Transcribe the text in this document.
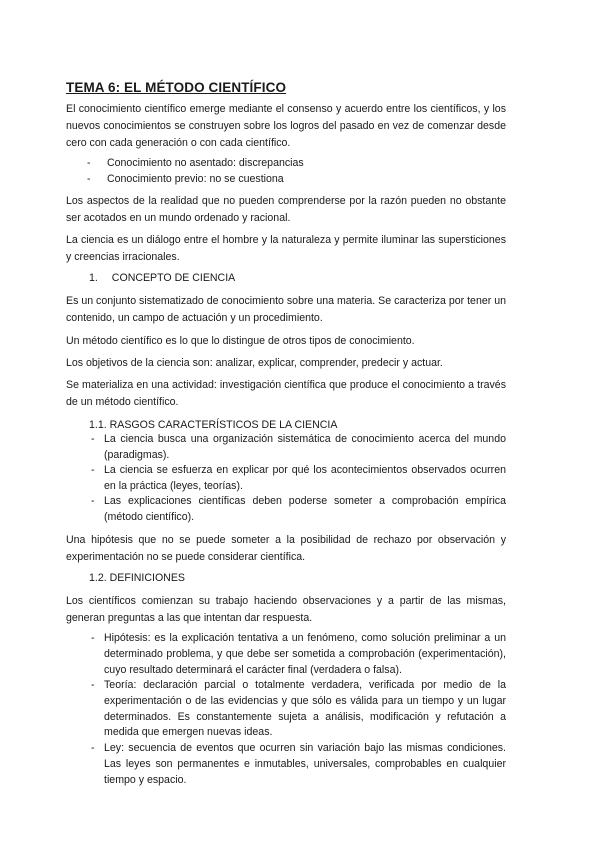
TEMA 6: EL MÉTODO CIENTÍFICO
El conocimiento científico emerge mediante el consenso y acuerdo entre los científicos, y los nuevos conocimientos se construyen sobre los logros del pasado en vez de comenzar desde cero con cada generación o con cada científico.
- Conocimiento no asentado: discrepancias
- Conocimiento previo: no se cuestiona
Los aspectos de la realidad que no pueden comprenderse por la razón pueden no obstante ser acotados en un mundo ordenado y racional.
La ciencia es un diálogo entre el hombre y la naturaleza y permite iluminar las supersticiones y creencias irracionales.
1. CONCEPTO DE CIENCIA
Es un conjunto sistematizado de conocimiento sobre una materia. Se caracteriza por tener un contenido, un campo de actuación y un procedimiento.
Un método científico es lo que lo distingue de otros tipos de conocimiento.
Los objetivos de la ciencia son: analizar, explicar, comprender, predecir y actuar.
Se materializa en una actividad: investigación científica que produce el conocimiento a través de un método científico.
1.1. RASGOS CARACTERÍSTICOS DE LA CIENCIA
- La ciencia busca una organización sistemática de conocimiento acerca del mundo (paradigmas).
- La ciencia se esfuerza en explicar por qué los acontecimientos observados ocurren en la práctica (leyes, teorías).
- Las explicaciones científicas deben poderse someter a comprobación empírica (método científico).
Una hipótesis que no se puede someter a la posibilidad de rechazo por observación y experimentación no se puede considerar científica.
1.2. DEFINICIONES
Los científicos comienzan su trabajo haciendo observaciones y a partir de las mismas, generan preguntas a las que intentan dar respuesta.
- Hipótesis: es la explicación tentativa a un fenómeno, como solución preliminar a un determinado problema, y que debe ser sometida a comprobación (experimentación), cuyo resultado determinará el carácter final (verdadera o falsa).
- Teoría: declaración parcial o totalmente verdadera, verificada por medio de la experimentación o de las evidencias y que sólo es válida para un tiempo y un lugar determinados. Es constantemente sujeta a análisis, modificación y refutación a medida que emergen nuevas ideas.
- Ley: secuencia de eventos que ocurren sin variación bajo las mismas condiciones. Las leyes son permanentes e inmutables, universales, comprobables en cualquier tiempo y espacio.
